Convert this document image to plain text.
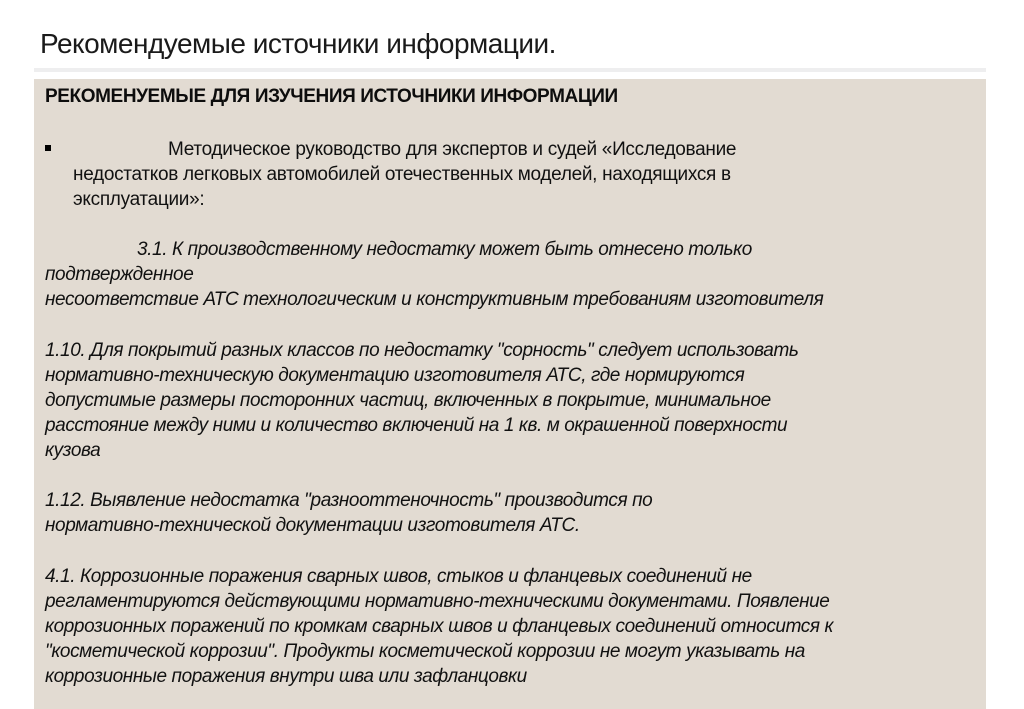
Рекомендуемые источники информации.
РЕКОМЕНУЕМЫЕ ДЛЯ ИЗУЧЕНИЯ ИСТОЧНИКИ ИНФОРМАЦИИ
Методическое руководство для экспертов и судей «Исследование
недостатков легковых автомобилей отечественных моделей, находящихся в
эксплуатации»:
3.1. К производственному недостатку может быть отнесено только
подтвержденное
несоответствие АТС технологическим и конструктивным требованиям изготовителя
1.10. Для покрытий разных классов по недостатку "сорность" следует использовать
нормативно-техническую документацию изготовителя АТС, где нормируются
допустимые размеры посторонних частиц, включенных в покрытие, минимальное
расстояние между ними и количество включений на 1 кв. м окрашенной поверхности
кузова
1.12. Выявление недостатка "разнооттеночность" производится по
нормативно-технической документации изготовителя АТС.
4.1. Коррозионные поражения сварных швов, стыков и фланцевых соединений не
регламентируются действующими нормативно-техническими документами. Появление
коррозионных поражений по кромкам сварных швов и фланцевых соединений относится к
"косметической коррозии". Продукты косметической коррозии не могут указывать на
коррозионные поражения внутри шва или зафланцовки
